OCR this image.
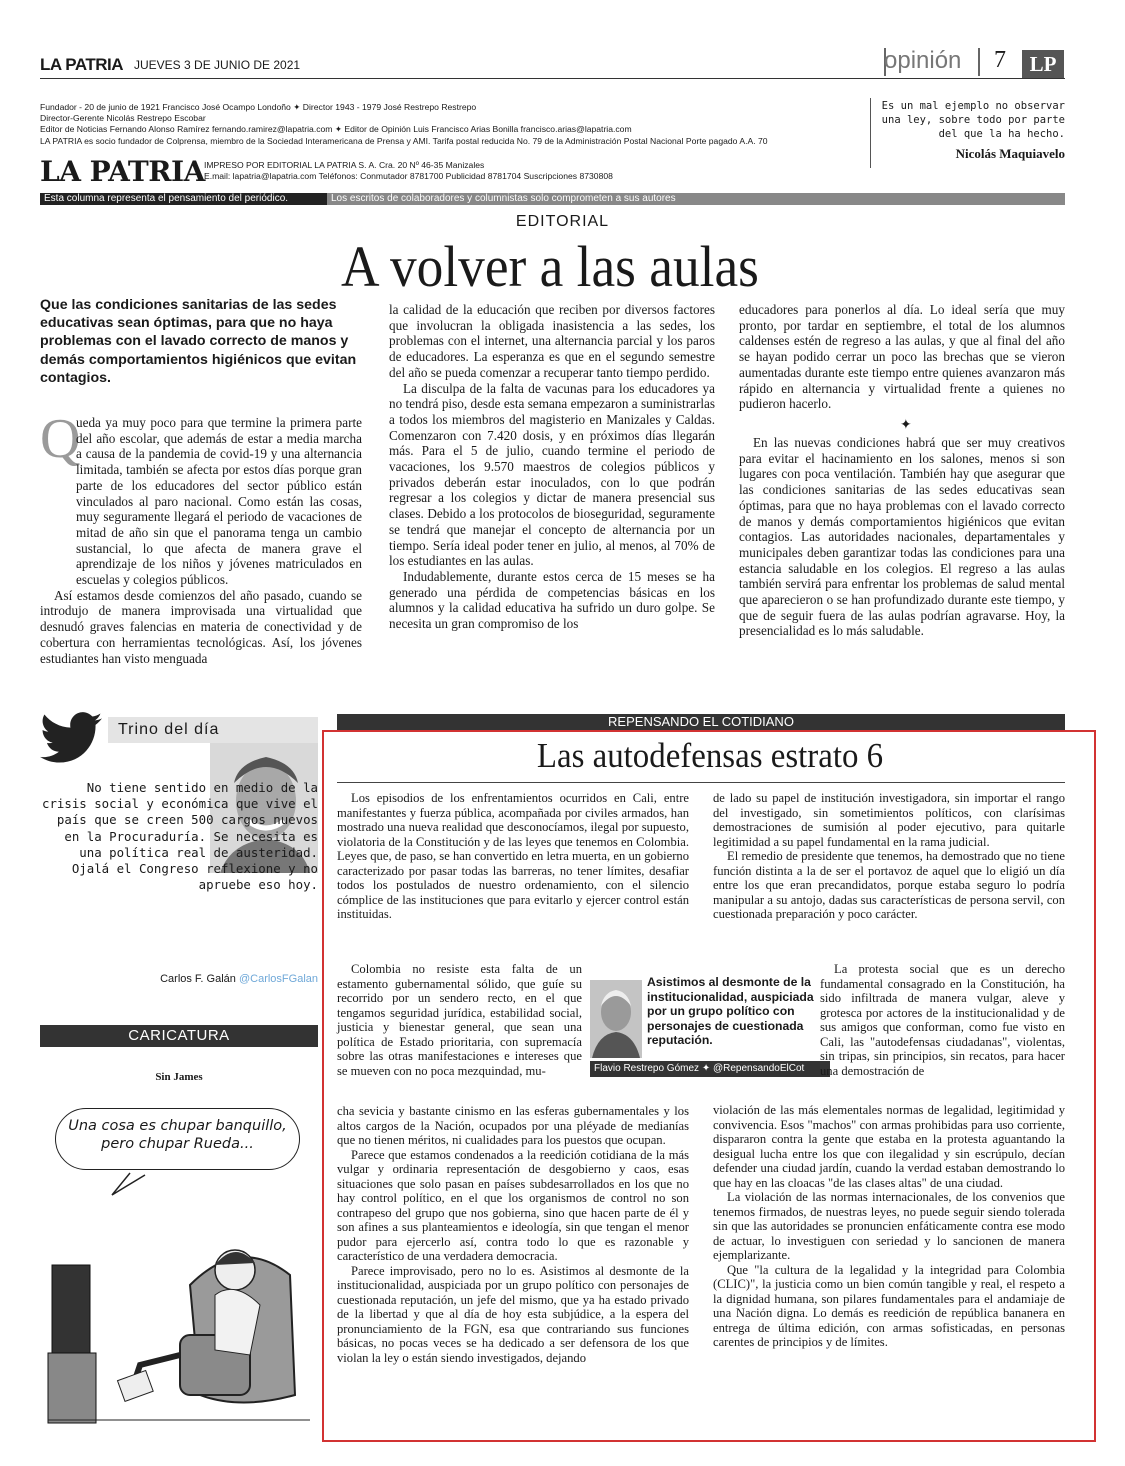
LA PATRIA JUEVES 3 DE JUNIO DE 2021	opinión 7	LP
Fundador - 20 de junio de 1921 Francisco José Ocampo Londoño ✦ Director 1943 - 1979 José Restrepo Restrepo
Director-Gerente Nicolás Restrepo Escobar
Editor de Noticias Fernando Alonso Ramírez fernando.ramirez@lapatria.com ✦ Editor de Opinión Luis Francisco Arias Bonilla francisco.arias@lapatria.com
LA PATRIA es socio fundador de Colprensa, miembro de la Sociedad Interamericana de Prensa y AMI. Tarifa postal reducida No. 79 de la Administración Postal Nacional Porte pagado A.A. 70
Es un mal ejemplo no observar una ley, sobre todo por parte del que la ha hecho.
Nicolás Maquiavelo
LA PATRIA IMPRESO POR EDITORIAL LA PATRIA S. A. Cra. 20 Nº 46-35 Manizales
E.mail: lapatria@lapatria.com Teléfonos: Conmutador 8781700 Publicidad 8781704 Suscripciones 8730808
Esta columna representa el pensamiento del periódico.	Los escritos de colaboradores y columnistas solo comprometen a sus autores
EDITORIAL
A volver a las aulas
Que las condiciones sanitarias de las sedes educativas sean óptimas, para que no haya problemas con el lavado correcto de manos y demás comportamientos higiénicos que evitan contagios.
Q

ueda ya muy poco para que termine la primera parte del año escolar, que además de estar a media marcha a causa de la pandemia de covid-19 y una alternancia limitada, también se afecta por estos días porque gran parte de los educadores del sector público están vinculados al paro nacional. Como están las cosas, muy seguramente llegará el periodo de vacaciones de mitad de año sin que el panorama tenga un cambio sustancial, lo que afecta de manera grave el aprendizaje de los niños y jóvenes matriculados en escuelas y colegios públicos.

Así estamos desde comienzos del año pasado, cuando se introdujo de manera improvisada una virtualidad que desnudó graves falencias en materia de conectividad y de cobertura con herramientas tecnológicas. Así, los jóvenes estudiantes han visto menguada

la calidad de la educación que reciben por diversos factores que involucran la obligada inasistencia a las sedes, los problemas con el internet, una alternancia parcial y los paros de educadores. La esperanza es que en el segundo semestre del año se pueda comenzar a recuperar tanto tiempo perdido.

La disculpa de la falta de vacunas para los educadores ya no tendrá piso, desde esta semana empezaron a suministrarlas a todos los miembros del magisterio en Manizales y Caldas. Comenzaron con 7.420 dosis, y en próximos días llegarán más. Para el 5 de julio, cuando termine el periodo de vacaciones, los 9.570 maestros de colegios públicos y privados deberán estar inoculados, con lo que podrán regresar a los colegios y dictar de manera presencial sus clases. Debido a los protocolos de bioseguridad, seguramente se tendrá que manejar el concepto de alternancia por un tiempo. Sería ideal poder tener en julio, al menos, al 70% de los estudiantes en las aulas.

Indudablemente, durante estos cerca de 15 meses se ha generado una pérdida de competencias básicas en los alumnos y la calidad educativa ha sufrido un duro golpe. Se necesita un gran compromiso de los

educadores para ponerlos al día. Lo ideal sería que muy pronto, por tardar en septiembre, el total de los alumnos caldenses estén de regreso a las aulas, y que al final del año se hayan podido cerrar un poco las brechas que se vieron aumentadas durante este tiempo entre quienes avanzaron más rápido en alternancia y virtualidad frente a quienes no pudieron hacerlo.

✦

En las nuevas condiciones habrá que ser muy creativos para evitar el hacinamiento en los salones, menos si son lugares con poca ventilación. También hay que asegurar que las condiciones sanitarias de las sedes educativas sean óptimas, para que no haya problemas con el lavado correcto de manos y demás comportamientos higiénicos que evitan contagios. Las autoridades nacionales, departamentales y municipales deben garantizar todas las condiciones para una estancia saludable en los colegios. El regreso a las aulas también servirá para enfrentar los problemas de salud mental que aparecieron o se han profundizado durante este tiempo, y que de seguir fuera de las aulas podrían agravarse. Hoy, la presencialidad es lo más saludable.

Trino del día
No tiene sentido en medio de la crisis social y económica que vive el país que se creen 500 cargos nuevos en la Procuraduría. Se necesita es una política real de austeridad. Ojalá el Congreso reflexione y no apruebe eso hoy.
Carlos F. Galán @CarlosFGalan
CARICATURA
Sin James
Una cosa es chupar banquillo, pero chupar Rueda...
REPENSANDO EL COTIDIANO
Las autodefensas estrato 6

Los episodios de los enfrentamientos ocurridos en Cali, entre manifestantes y fuerza pública, acompañada por civiles armados, han mostrado una nueva realidad que desconocíamos, ilegal por supuesto, violatoria de la Constitución y de las leyes que tenemos en Colombia. Leyes que, de paso, se han convertido en letra muerta, en un gobierno caracterizado por pasar todas las barreras, no tener límites, desafiar todos los postulados de nuestro ordenamiento, con el silencio cómplice de las instituciones que para evitarlo y ejercer control están instituidas.

Colombia no resiste esta falta de un estamento gubernamental sólido, que guíe su recorrido por un sendero recto, en el que tengamos seguridad jurídica, estabilidad social, justicia y bienestar general, que sean una política de Estado prioritaria, con supremacía sobre las otras manifestaciones e intereses que se mueven con no poca mezquindad, mu-

cha sevicia y bastante cinismo en las esferas gubernamentales y los altos cargos de la Nación, ocupados por una pléyade de medianías que no tienen méritos, ni cualidades para los puestos que ocupan.

Parece que estamos condenados a la reedición cotidiana de la más vulgar y ordinaria representación de desgobierno y caos, esas situaciones que solo pasan en países subdesarrollados en los que no hay control político, en el que los organismos de control no son contrapeso del grupo que nos gobierna, sino que hacen parte de él y son afines a sus planteamientos e ideología, sin que tengan el menor pudor para ejercerlo así, contra todo lo que es razonable y característico de una verdadera democracia.

Parece improvisado, pero no lo es. Asistimos al desmonte de la institucionalidad, auspiciada por un grupo político con personajes de cuestionada reputación, un jefe del mismo, que ya ha estado privado de la libertad y que al día de hoy esta subjúdice, a la espera del pronunciamiento de la FGN, esa que contrariando sus funciones básicas, no pocas veces se ha dedicado a ser defensora de los que violan la ley o están siendo investigados, dejando

Asistimos al desmonte de la institucionalidad, auspiciada por un grupo político con personajes de cuestionada reputación.
Flavio Restrepo Gómez ✦ @RepensandoElCot

de lado su papel de institución investigadora, sin importar el rango del investigado, sin sometimientos políticos, con clarísimas demostraciones de sumisión al poder ejecutivo, para quitarle legitimidad a su papel fundamental en la rama judicial.

El remedio de presidente que tenemos, ha demostrado que no tiene función distinta a la de ser el portavoz de aquel que lo eligió un día entre los que eran precandidatos, porque estaba seguro lo podría manipular a su antojo, dadas sus características de persona servil, con cuestionada preparación y poco carácter.

La protesta social que es un derecho fundamental consagrado en la Constitución, ha sido infiltrada de manera vulgar, aleve y grotesca por actores de la institucionalidad y de sus amigos que conforman, como fue visto en Cali, las "autodefensas ciudadanas", violentas, sin tripas, sin principios, sin recatos, para hacer una demostración de

violación de las más elementales normas de legalidad, legitimidad y convivencia. Esos "machos" con armas prohibidas para uso corriente, dispararon contra la gente que estaba en la protesta aguantando la desigual lucha entre los que con ilegalidad y sin escrúpulo, decían defender una ciudad jardín, cuando la verdad estaban demostrando lo que hay en las cloacas "de las clases altas" de una ciudad.

La violación de las normas internacionales, de los convenios que tenemos firmados, de nuestras leyes, no puede seguir siendo tolerada sin que las autoridades se pronuncien enfáticamente contra ese modo de actuar, lo investiguen con seriedad y lo sancionen de manera ejemplarizante.

Que "la cultura de la legalidad y la integridad para Colombia (CLIC)", la justicia como un bien común tangible y real, el respeto a la dignidad humana, son pilares fundamentales para el andamiaje de una Nación digna. Lo demás es reedición de república bananera en entrega de última edición, con armas sofisticadas, en personas carentes de principios y de límites.
